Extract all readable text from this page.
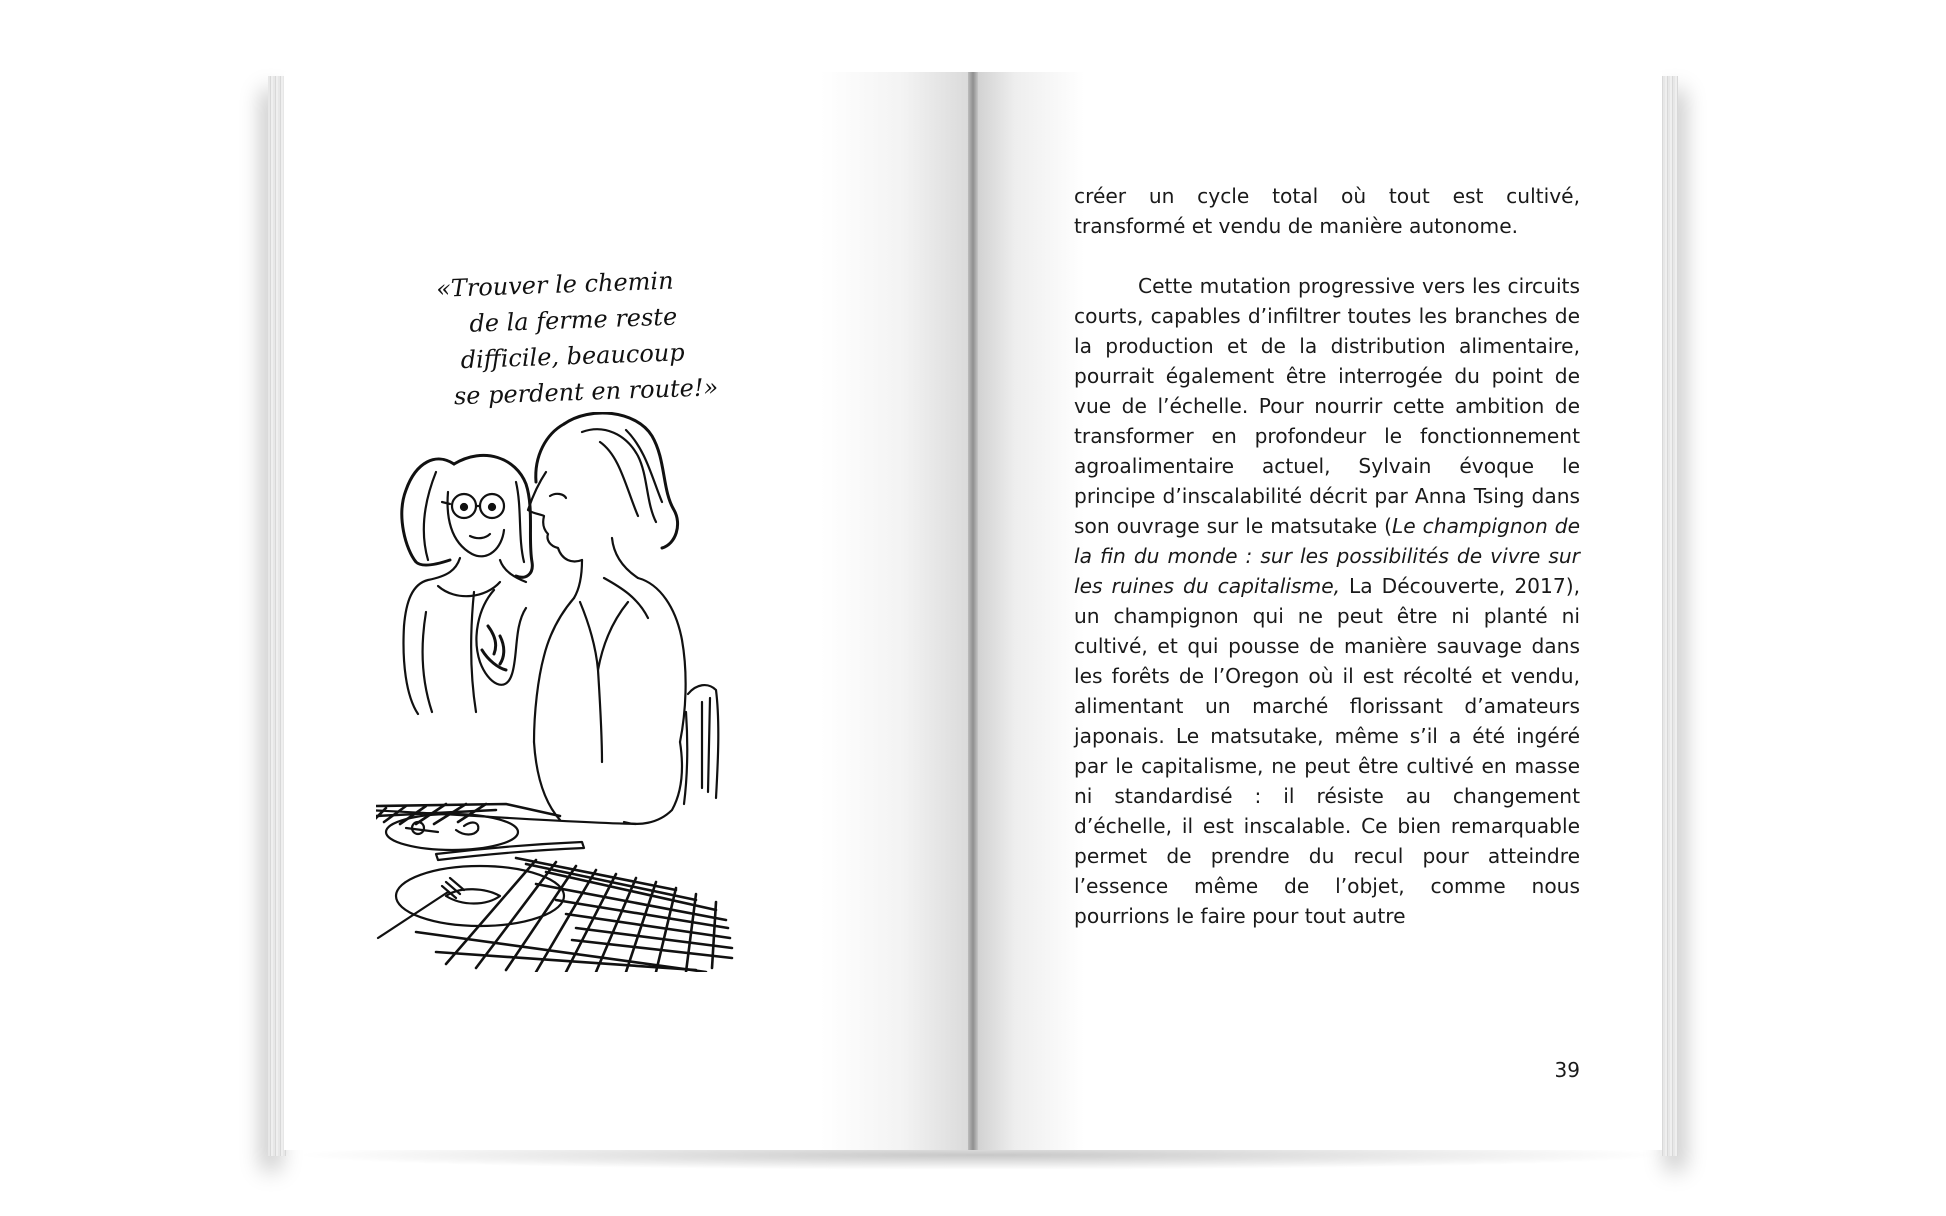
«Trouver le chemin
de la ferme reste
difficile, beaucoup
se perdent en route!»

créer un cycle total où tout est cultivé, transformé et vendu de manière autonome.

Cette mutation progressive vers les circuits courts, capables d’infiltrer toutes les branches de la production et de la distribution alimentaire, pourrait également être interrogée du point de vue de l’échelle. Pour nourrir cette ambition de transformer en profondeur le fonctionnement agroalimentaire actuel, Sylvain évoque le principe d’inscalabilité décrit par Anna Tsing dans son ouvrage sur le matsutake (Le champignon de la fin du monde : sur les possibilités de vivre sur les ruines du capitalisme, La Découverte, 2017), un champignon qui ne peut être ni planté ni cultivé, et qui pousse de manière sauvage dans les forêts de l’Oregon où il est récolté et vendu, alimentant un marché florissant d’amateurs japonais. Le matsutake, même s’il a été ingéré par le capitalisme, ne peut être cultivé en masse ni standardisé : il résiste au changement d’échelle, il est inscalable. Ce bien remarquable permet de prendre du recul pour atteindre l’essence même de l’objet, comme nous pourrions le faire pour tout autre

39
